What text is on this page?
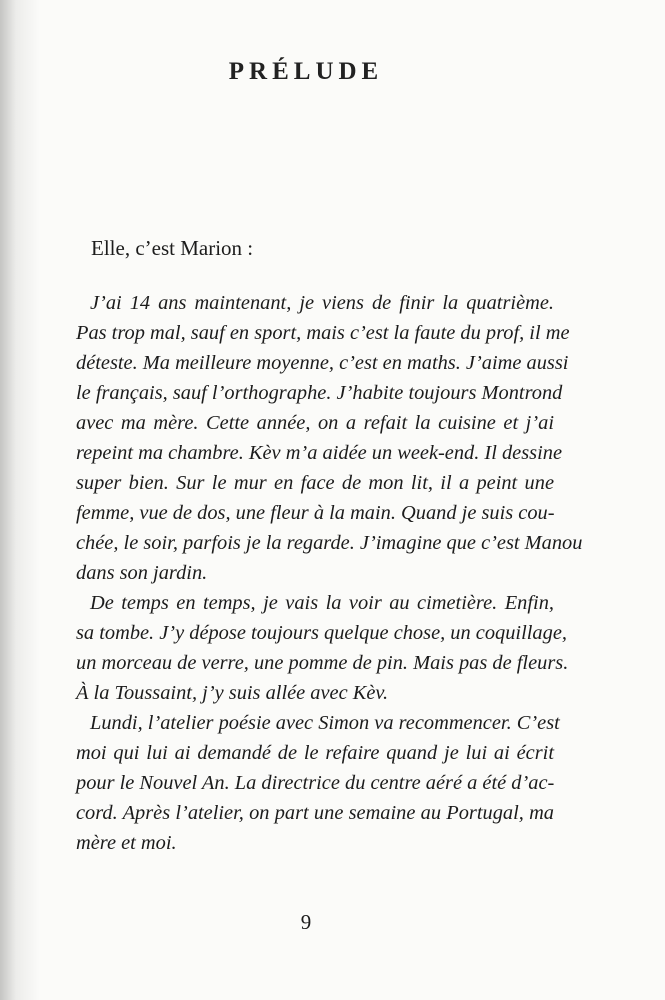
PRÉLUDE

Elle, c’est Marion :

J’ai 14 ans maintenant, je viens de finir la quatrième.
Pas trop mal, sauf en sport, mais c’est la faute du prof, il me
déteste. Ma meilleure moyenne, c’est en maths. J’aime aussi
le français, sauf l’orthographe. J’habite toujours Montrond
avec ma mère. Cette année, on a refait la cuisine et j’ai
repeint ma chambre. Kèv m’a aidée un week-end. Il dessine
super bien. Sur le mur en face de mon lit, il a peint une
femme, vue de dos, une fleur à la main. Quand je suis cou-
chée, le soir, parfois je la regarde. J’imagine que c’est Manou
dans son jardin.
De temps en temps, je vais la voir au cimetière. Enfin,
sa tombe. J’y dépose toujours quelque chose, un coquillage,
un morceau de verre, une pomme de pin. Mais pas de fleurs.
À la Toussaint, j’y suis allée avec Kèv.
Lundi, l’atelier poésie avec Simon va recommencer. C’est
moi qui lui ai demandé de le refaire quand je lui ai écrit
pour le Nouvel An. La directrice du centre aéré a été d’ac-
cord. Après l’atelier, on part une semaine au Portugal, ma
mère et moi.

9
